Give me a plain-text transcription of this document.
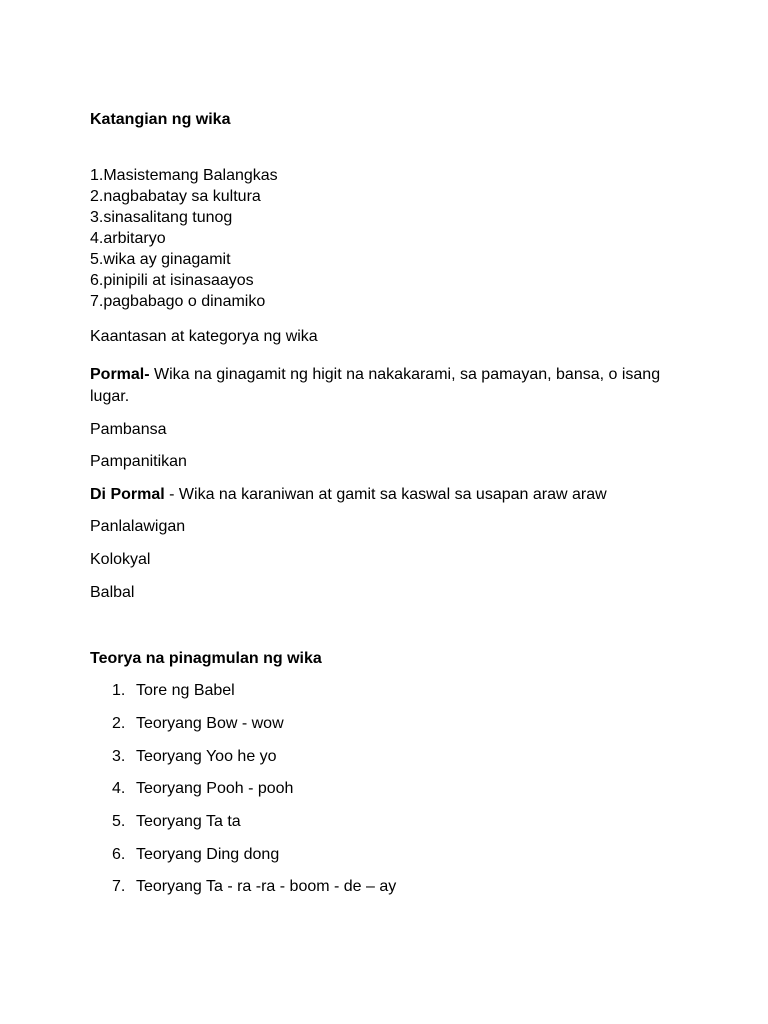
Katangian ng wika
1.Masistemang Balangkas
2.nagbabatay sa kultura
3.sinasalitang tunog
4.arbitaryo
5.wika ay ginagamit
6.pinipili at isinasaayos
7.pagbabago o dinamiko
Kaantasan at kategorya ng wika
Pormal- Wika na ginagamit ng higit na nakakarami, sa pamayan, bansa, o isang lugar.
Pambansa
Pampanitikan
Di Pormal - Wika na karaniwan at gamit sa kaswal sa usapan araw araw
Panlalawigan
Kolokyal
Balbal
Teorya na pinagmulan ng wika
1. Tore ng Babel
2. Teoryang Bow - wow
3. Teoryang Yoo he yo
4. Teoryang Pooh - pooh
5. Teoryang Ta ta
6. Teoryang Ding dong
7. Teoryang Ta - ra -ra - boom - de – ay
